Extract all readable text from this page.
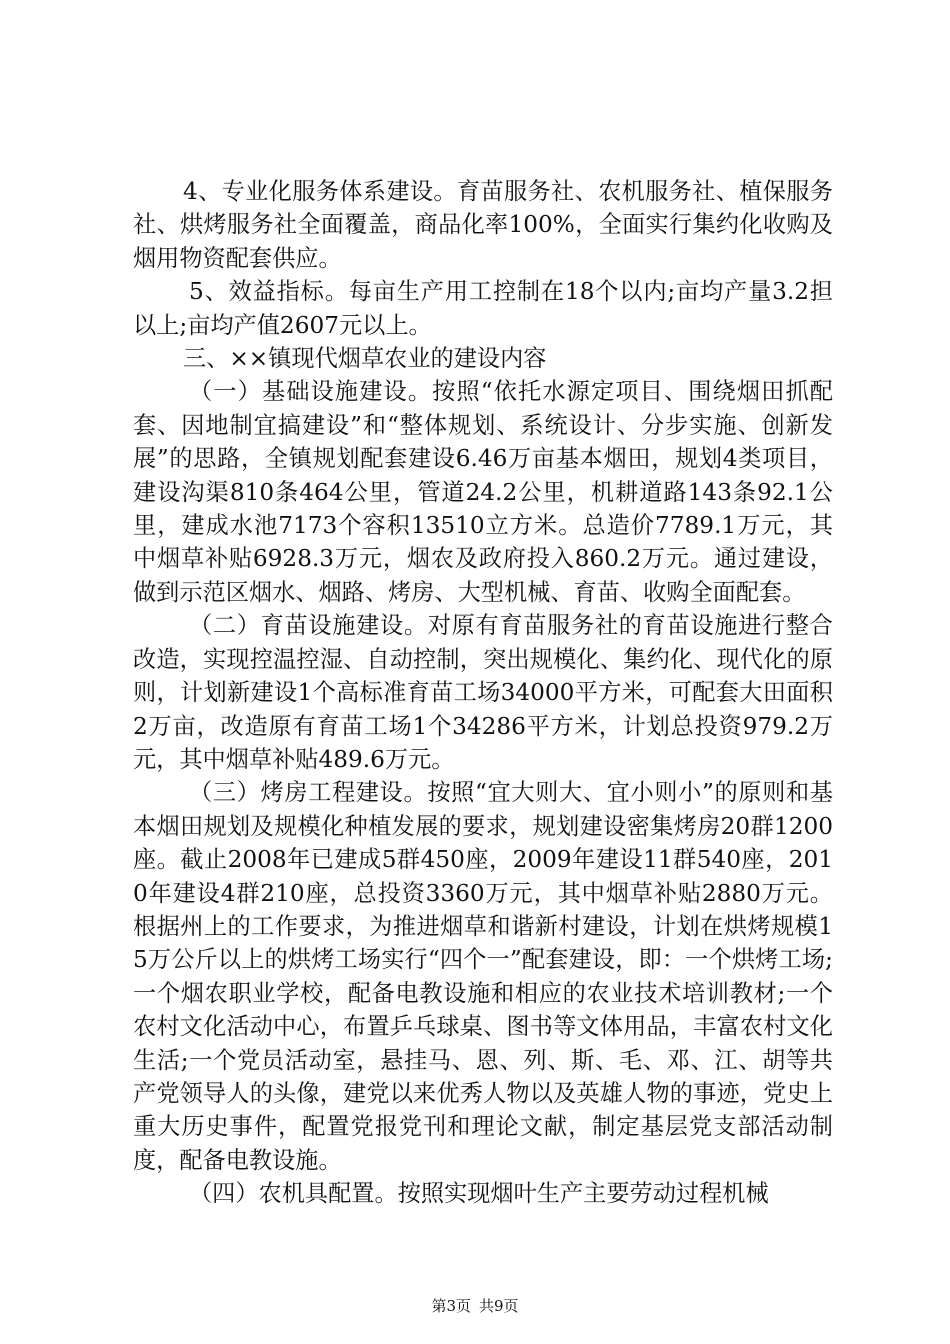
4、专业化服务体系建设。育苗服务社、农机服务社、植保服务社、烘烤服务社全面覆盖，商品化率100%，全面实行集约化收购及烟用物资配套供应。

5、效益指标。每亩生产用工控制在18个以内;亩均产量3.2担以上;亩均产值2607元以上。

三、××镇现代烟草农业的建设内容

（一）基础设施建设。按照“依托水源定项目、围绕烟田抓配套、因地制宜搞建设”和“整体规划、系统设计、分步实施、创新发展”的思路，全镇规划配套建设6.46万亩基本烟田，规划4类项目，建设沟渠810条464公里，管道24.2公里，机耕道路143条92.1公里，建成水池7173个容积13510立方米。总造价7789.1万元，其中烟草补贴6928.3万元，烟农及政府投入860.2万元。通过建设，做到示范区烟水、烟路、烤房、大型机械、育苗、收购全面配套。

（二）育苗设施建设。对原有育苗服务社的育苗设施进行整合改造，实现控温控湿、自动控制，突出规模化、集约化、现代化的原则，计划新建设1个高标准育苗工场34000平方米，可配套大田面积2万亩，改造原有育苗工场1个34286平方米，计划总投资979.2万元，其中烟草补贴489.6万元。

（三）烤房工程建设。按照“宜大则大、宜小则小”的原则和基本烟田规划及规模化种植发展的要求，规划建设密集烤房20群1200座。截止2008年已建成5群450座，2009年建设11群540座，2010年建设4群210座，总投资3360万元，其中烟草补贴2880万元。根据州上的工作要求，为推进烟草和谐新村建设，计划在烘烤规模15万公斤以上的烘烤工场实行“四个一”配套建设，即：一个烘烤工场;一个烟农职业学校，配备电教设施和相应的农业技术培训教材;一个农村文化活动中心，布置乒乓球桌、图书等文体用品，丰富农村文化生活;一个党员活动室，悬挂马、恩、列、斯、毛、邓、江、胡等共产党领导人的头像，建党以来优秀人物以及英雄人物的事迹，党史上重大历史事件，配置党报党刊和理论文献，制定基层党支部活动制度，配备电教设施。

（四）农机具配置。按照实现烟叶生产主要劳动过程机械

第3页 共9页
